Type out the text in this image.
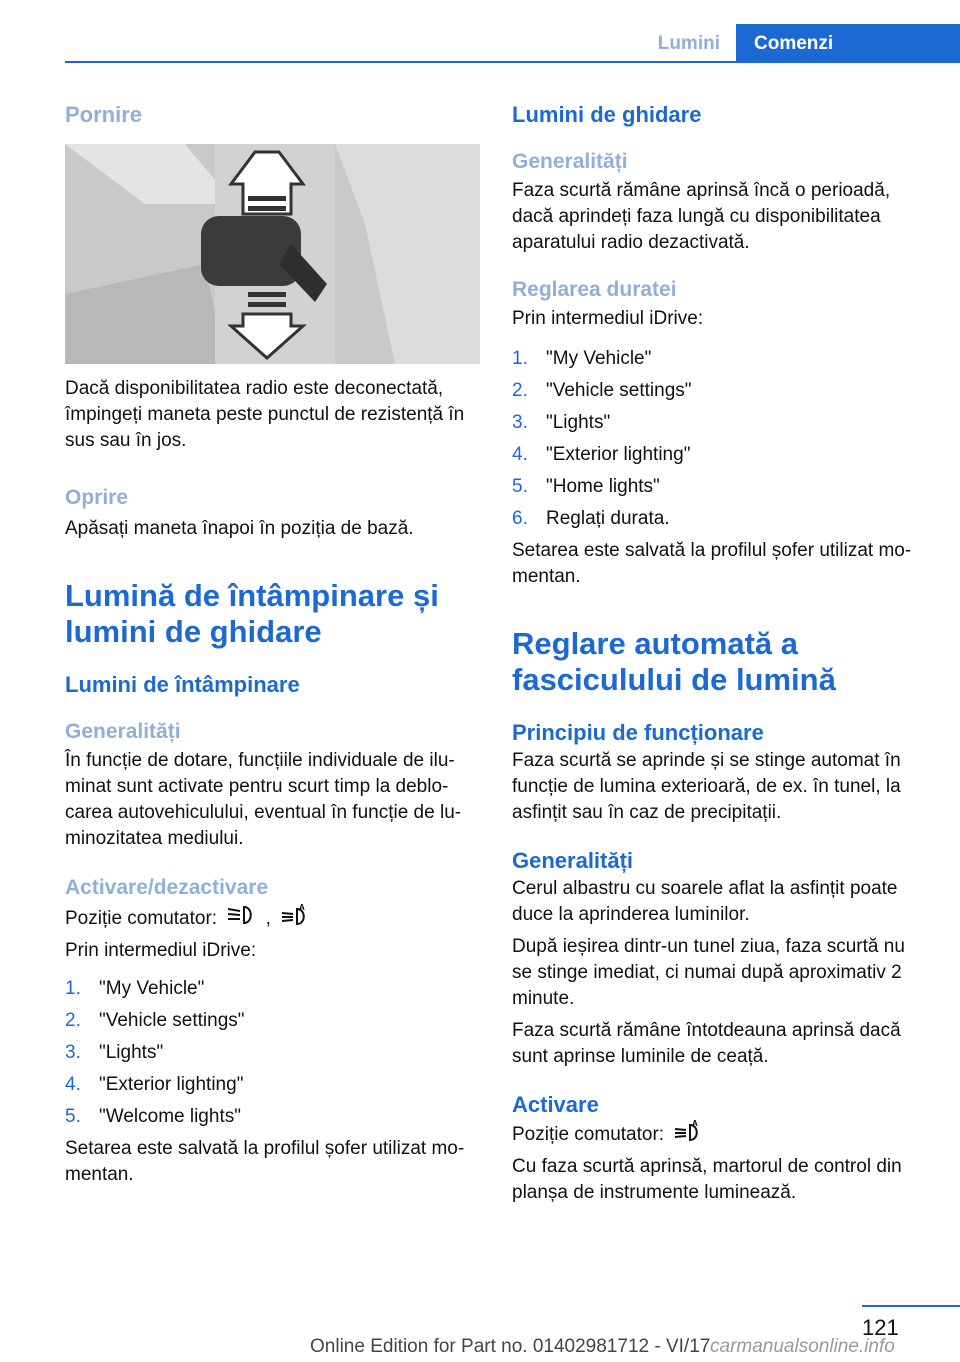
Lumini	Comenzi
Pornire

Dacă disponibilitatea radio este deconectată, împingeți maneta peste punctul de rezistență în sus sau în jos.

Oprire

Apăsați maneta înapoi în poziția de bază.

Lumină de întâmpinare și lumini de ghidare
Lumini de întâmpinare
Generalități

În funcție de dotare, funcțiile individuale de ilu-minat sunt activate pentru scurt timp la deblo-carea autovehiculului, eventual în funcție de lu-minozitatea mediului.

Activare/dezactivare

Poziție comutator:	,
A

Prin intermediul iDrive:

1. "My Vehicle"
2. "Vehicle settings"
3. "Lights"
4. "Exterior lighting"
5. "Welcome lights"

Setarea este salvată la profilul șofer utilizat mo-mentan.

Lumini de ghidare
Generalități

Faza scurtă rămâne aprinsă încă o perioadă, dacă aprindeți faza lungă cu disponibilitatea aparatului radio dezactivată.

Reglarea duratei

Prin intermediul iDrive:

1. "My Vehicle"
2. "Vehicle settings"
3. "Lights"
4. "Exterior lighting"
5. "Home lights"
6. Reglați durata.

Setarea este salvată la profilul șofer utilizat mo-mentan.

Reglare automată a fasciculului de lumină
Principiu de funcționare

Faza scurtă se aprinde și se stinge automat în funcție de lumina exterioară, de ex. în tunel, la asfințit sau în caz de precipitații.

Generalități

Cerul albastru cu soarele aflat la asfințit poate duce la aprinderea luminilor.

După ieșirea dintr-un tunel ziua, faza scurtă nu se stinge imediat, ci numai după aproximativ 2 minute.

Faza scurtă rămâne întotdeauna aprinsă dacă sunt aprinse luminile de ceață.

Activare

Poziție comutator:
A

Cu faza scurtă aprinsă, martorul de control din planșa de instrumente luminează.

121
Online Edition for Part no. 01402981712 - VI/17 carmanualsonline.info
